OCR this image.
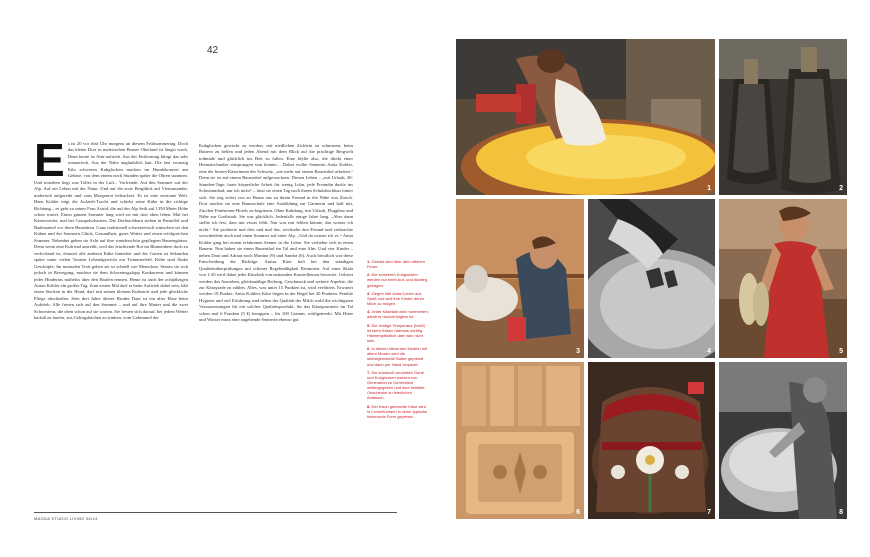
42
E s ist 20 vor fünf Uhr morgens an diesem Frühsommertag. Doch das kleine Dorf in malerischen Berner Oberland ist längst wach. Denn heute ist Alm-auftrieb. Aus der Entfernung klingt das sehr romantisch. Aus der Nähe unglaublich laut. Die fast zwanzig Kilo schweren Kuhglocken machen im Hundekonzert am Gebäse, von dem einem noch Stunden später die Ohren summen. Und trotzdem liegt was Tolles in der Luft... Vorfreude. Auf den Sommer auf der Alp. Auf ein Leben mit der Natur. Und auf die erste Bergblick auf Viertausender, malerisch aufgereiht und vom Morgenrot beleuchtet. Es ist eine vertraute Welt. Hans Kohler trägt die Aufzieh-Tracht und schiebt seine Kühe in die richtige Richtung – es geht zu seiner Frau Astrid, die auf der Alp Seili auf 1350 Meter Höhe schon wartet. Einen ganzen Sommer lang wird sie mit dort oben leben. Mal bei Kaiserwetter, mal bei Graupelschauern. Die Dorfnachbarn stehen in Pantoffel und Bademantel vor ihren Haustüren. Ganz traditionell schweizerisch wünschen sie den Kühen und der Sennerin Glück, Gesundheit, gutes Wetter und einen erfolgreichen Sommer. Nebenbei geben sie Acht auf ihre wunderschön gepflegten Bauerngärten. Denn wenn eine Kuh mal ausreißt, weil das leuchtende Rot im Blumenbeet doch zu verlockend ist, donnert alle anderen Kühe hinterher und der Garten ist Sekunden später unter vielen Tonnen Lebendgewicht ein Trümmerfeld. Kühe sind flinke Geschöpfe. Im normalen Trott gehen sie so schnell wie Menschen. Setzen sie sich jedoch in Bewegung, machen sie dem Schweinsgalopp Konkurrenz und können jedes Hindernis mühelos über den Haufen rennen. Heute ist auch der achtjährigen Anton Kohler ein großer Tag. Zum ersten Mal darf er beim Auftrieb dabei sein, hält einen Stecken in der Hand, darf mit seinen kleinen Kuhstock und jede glückliche Fliege abschießen. Sein drei Jahre älterer Bruder Dani ist ein alter Hase beim Auftrieb. Alle freuen sich auf den Sommer – und auf ihre Mutter und die zwei Schwestern, die oben schon auf sie warten. Sie freuen sich darauf, bei jedem Wetter barfuß zu laufen, aus Gebirgsbächen zu trinken, vom Gebimmel der

Kuhglocken geweckt zu werden, mit niedlichen Zicklein zu schmusen, beim Buttern zu helfen und jeden Abend mit dem Blick auf die prächtige Bergwelt todmüde und glücklich ins Bett zu fallen. Eine Idylle also, die direkt einer Heimatschnulze entsprungen sein könnte… Dabei wollte Sennerin Anita Kohler, eine der besten Käserinnen der Schweiz, „nie mehr auf einem Bauernhof arbeiten.“ Denn sie ist auf einem Bauernhof aufgewachsen. Diesen Leben – „mit Urlaub, 20-Stunden-Tage, harte körperliche Arbeit für wenig Lohn, jede Freundin durfte ins Schwimmbad, nur ich nicht“ – lässt sie einen Tag nach ihrem Schulabschluss hinter sich. Sie zog sofort von zu Hause aus zu ihrem Freund in die Nähe von Zürich. Dort machte sie eine Baumschule eine Ausbildung zur Gärtnerin und half mit, Zürcher Fünfsterne-Hotels zu begrünen. Ohne Kuhdung, mit Urlaub, Flugplatz und Nähe zur Großstadt. Sie war glücklich. Jedenfalls einige Jahre lang. „Aber dann stellte ich fest, dass mir etwas fehlt. Nur was mir fehlen könnte, das wusste ich nicht.“ Sie probierte mal dies und mal das, wechselte den Freund und verbrachte verschiedene auch mal einen Sommer auf einer Alp. „Und da wusste ich es.“ Anita Kohler ging bei einem erfahrenen Senner in die Lehre. Sie verliebte sich in einen Bauern. Nun haben sie einen Bauernhof im Tal und eine Alm. Und vier Kinder – neben Dani und Adrian noch Martina (9) und Sandra (6). Auch beruflich war diese Entscheidung die Richtige: Anitas Käse holt bei den ständigen Qualitätsüberprüfungen mit schöner Regelmäßigkeit Bestnoten. Auf einer Skala von 1-20 wird dabei jeder Käselaib von nationalen Kontrolleuren bewertet. Gelistet werden das Aussehen, gleichmäßige Reifung, Geschmack und weitere Aspekte, die zur Käsegrade zu zählen. Alles, was unter 15 Punkten ist, wird verfüttert. Erwartet werden 18 Punkte, Anita Kohlers Käse liegen in der Regel bei 20 Punkten. Penible Hygiene und viel Erfahrung sind neben der Qualität der Milch wohl die wichtigsten Voraussetzungen für ein solches Qualitätsprodukt, für das Käsegourmets im Tal schon mal 6 Franken (5 €) berappen – für 100 Gramm, wohlgemerkt. Mit Hitze und Wasser muss eine angehende Sennerin ebenso gut

1. Geküst wird über dem offenen Feuer.
2. Die schweren Kuhglocken werden nur beim Auf- und Abstieg getragen.
3. Ziegen hält Anita Kohler aus Spaß und weil ihre Kinder deren Milch so mögen.
4. Jeder Käselaib wird nummeriert, damit er rückverfolgbar ist.
5. Die richtige Temperatur (heiß!) ist beim Käsen überaus wichtig. Hitzeempfindlich darf man nicht sein.
6. In diesen hölzernen Modeln mit altem Muster wird die selbstgemachte Butter gepresst und dann per Hand verpackt.
7. Die kunstvoll verzierten Gurte und Kuhglocken werden von Generation zu Generation weitergegeben und sind beliebte Geschenke zu feierlichen Anlässen.
8. Der frisch gemachte Käse wird in Leinentüchern in seine typische kreisrunde Form gepresst.
MAGDA STUDIO LIVING 06/14
1	2
3	4	5
6	7	8
